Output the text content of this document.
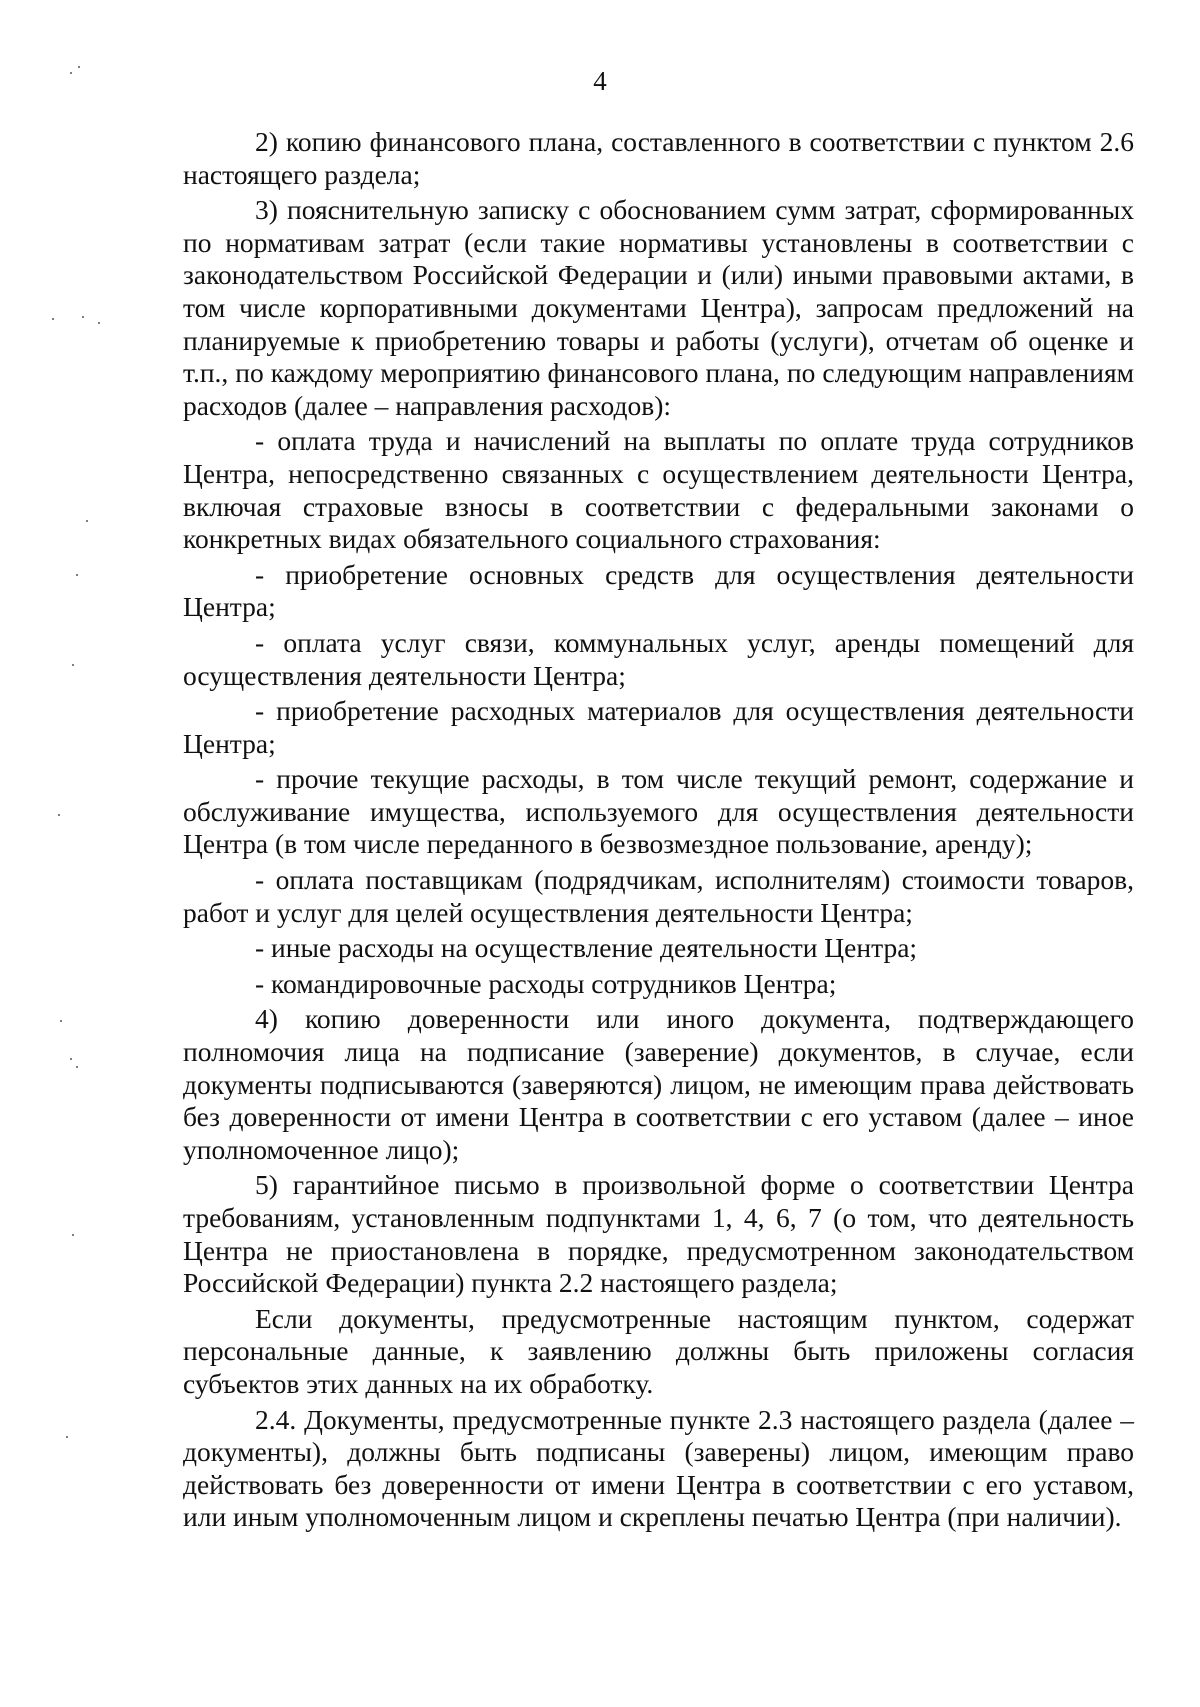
4

2) копию финансового плана, составленного в соответствии с пунктом 2.6 настоящего раздела;

3) пояснительную записку с обоснованием сумм затрат, сформированных по нормативам затрат (если такие нормативы установлены в соответствии с законодательством Российской Федерации и (или) иными правовыми актами, в том числе корпоративными документами Центра), запросам предложений на планируемые к приобретению товары и работы (услуги), отчетам об оценке и т.п., по каждому мероприятию финансового плана, по следующим направлениям расходов (далее – направления расходов):

- оплата труда и начислений на выплаты по оплате труда сотрудников Центра, непосредственно связанных с осуществлением деятельности Центра, включая страховые взносы в соответствии с федеральными законами о конкретных видах обязательного социального страхования:

- приобретение основных средств для осуществления деятельности Центра;

- оплата услуг связи, коммунальных услуг, аренды помещений для осуществления деятельности Центра;

- приобретение расходных материалов для осуществления деятельности Центра;

- прочие текущие расходы, в том числе текущий ремонт, содержание и обслуживание имущества, используемого для осуществления деятельности Центра (в том числе переданного в безвозмездное пользование, аренду);

- оплата поставщикам (подрядчикам, исполнителям) стоимости товаров, работ и услуг для целей осуществления деятельности Центра;

- иные расходы на осуществление деятельности Центра;

- командировочные расходы сотрудников Центра;

4) копию доверенности или иного документа, подтверждающего полномочия лица на подписание (заверение) документов, в случае, если документы подписываются (заверяются) лицом, не имеющим права действовать без доверенности от имени Центра в соответствии с его уставом (далее – иное уполномоченное лицо);

5) гарантийное письмо в произвольной форме о соответствии Центра требованиям, установленным подпунктами 1, 4, 6, 7 (о том, что деятельность Центра не приостановлена в порядке, предусмотренном законодательством Российской Федерации) пункта 2.2 настоящего раздела;

Если документы, предусмотренные настоящим пунктом, содержат персональные данные, к заявлению должны быть приложены согласия субъектов этих данных на их обработку.

2.4. Документы, предусмотренные пункте 2.3 настоящего раздела (далее – документы), должны быть подписаны (заверены) лицом, имеющим право действовать без доверенности от имени Центра в соответствии с его уставом, или иным уполномоченным лицом и скреплены печатью Центра (при наличии).
